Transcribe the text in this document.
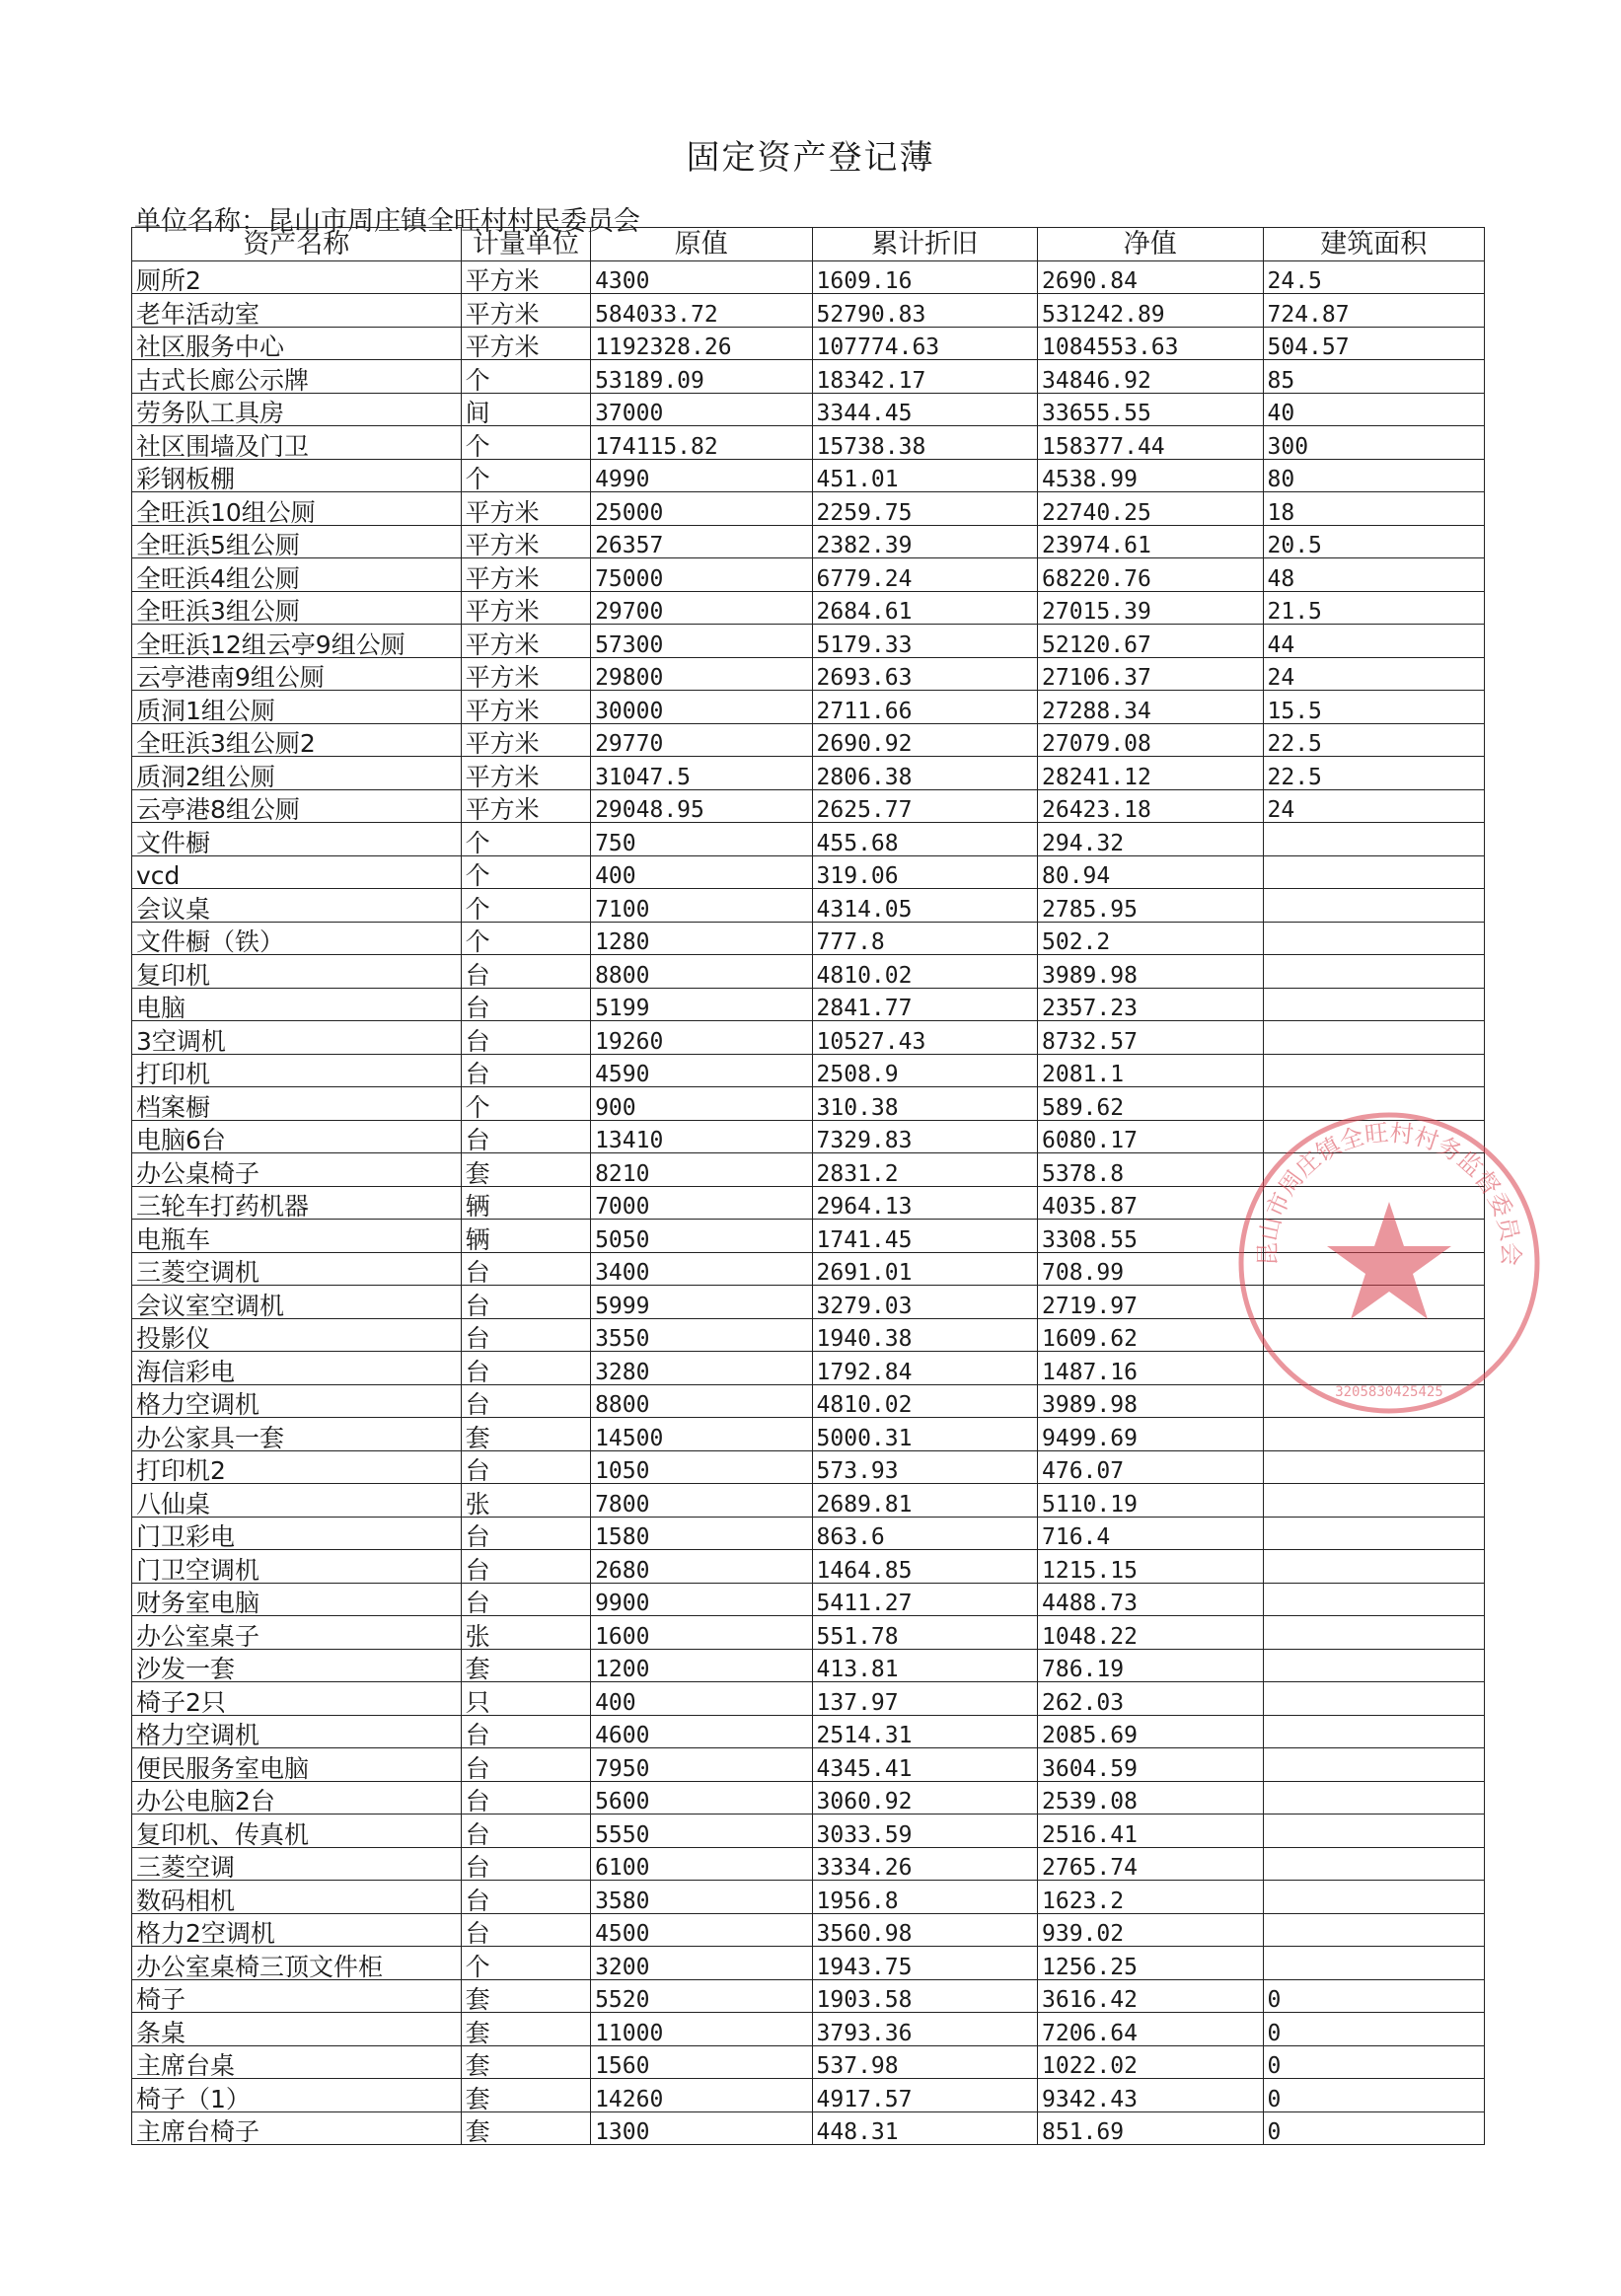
固定资产登记薄
单位名称：昆山市周庄镇全旺村村民委员会
资产名称	计量单位	原值	累计折旧	净值	建筑面积
厕所2	平方米	4300	1609.16	2690.84	24.5
老年活动室	平方米	584033.72	52790.83	531242.89	724.87
社区服务中心	平方米	1192328.26	107774.63	1084553.63	504.57
古式长廊公示牌	个	53189.09	18342.17	34846.92	85
劳务队工具房	间	37000	3344.45	33655.55	40
社区围墙及门卫	个	174115.82	15738.38	158377.44	300
彩钢板棚	个	4990	451.01	4538.99	80
全旺浜10组公厕	平方米	25000	2259.75	22740.25	18
全旺浜5组公厕	平方米	26357	2382.39	23974.61	20.5
全旺浜4组公厕	平方米	75000	6779.24	68220.76	48
全旺浜3组公厕	平方米	29700	2684.61	27015.39	21.5
全旺浜12组云亭9组公厕	平方米	57300	5179.33	52120.67	44
云亭港南9组公厕	平方米	29800	2693.63	27106.37	24
质洞1组公厕	平方米	30000	2711.66	27288.34	15.5
全旺浜3组公厕2	平方米	29770	2690.92	27079.08	22.5
质洞2组公厕	平方米	31047.5	2806.38	28241.12	22.5
云亭港8组公厕	平方米	29048.95	2625.77	26423.18	24
文件橱	个	750	455.68	294.32	
vcd	个	400	319.06	80.94	
会议桌	个	7100	4314.05	2785.95	
文件橱（铁）	个	1280	777.8	502.2	
复印机	台	8800	4810.02	3989.98	
电脑	台	5199	2841.77	2357.23	
3空调机	台	19260	10527.43	8732.57	
打印机	台	4590	2508.9	2081.1	
档案橱	个	900	310.38	589.62	
电脑6台	台	13410	7329.83	6080.17	
办公桌椅子	套	8210	2831.2	5378.8	
三轮车打药机器	辆	7000	2964.13	4035.87	
电瓶车	辆	5050	1741.45	3308.55	
三菱空调机	台	3400	2691.01	708.99	
会议室空调机	台	5999	3279.03	2719.97	
投影仪	台	3550	1940.38	1609.62	
海信彩电	台	3280	1792.84	1487.16	
格力空调机	台	8800	4810.02	3989.98	
办公家具一套	套	14500	5000.31	9499.69	
打印机2	台	1050	573.93	476.07	
八仙桌	张	7800	2689.81	5110.19	
门卫彩电	台	1580	863.6	716.4	
门卫空调机	台	2680	1464.85	1215.15	
财务室电脑	台	9900	5411.27	4488.73	
办公室桌子	张	1600	551.78	1048.22	
沙发一套	套	1200	413.81	786.19	
椅子2只	只	400	137.97	262.03	
格力空调机	台	4600	2514.31	2085.69	
便民服务室电脑	台	7950	4345.41	3604.59	
办公电脑2台	台	5600	3060.92	2539.08	
复印机、传真机	台	5550	3033.59	2516.41	
三菱空调	台	6100	3334.26	2765.74	
数码相机	台	3580	1956.8	1623.2	
格力2空调机	台	4500	3560.98	939.02	
办公室桌椅三顶文件柜	个	3200	1943.75	1256.25	
椅子	套	5520	1903.58	3616.42	0
条桌	套	11000	3793.36	7206.64	0
主席台桌	套	1560	537.98	1022.02	0
椅子（1）	套	14260	4917.57	9342.43	0
主席台椅子	套	1300	448.31	851.69	0
昆山市周庄镇全旺村村务监督委员会
3205830425425
